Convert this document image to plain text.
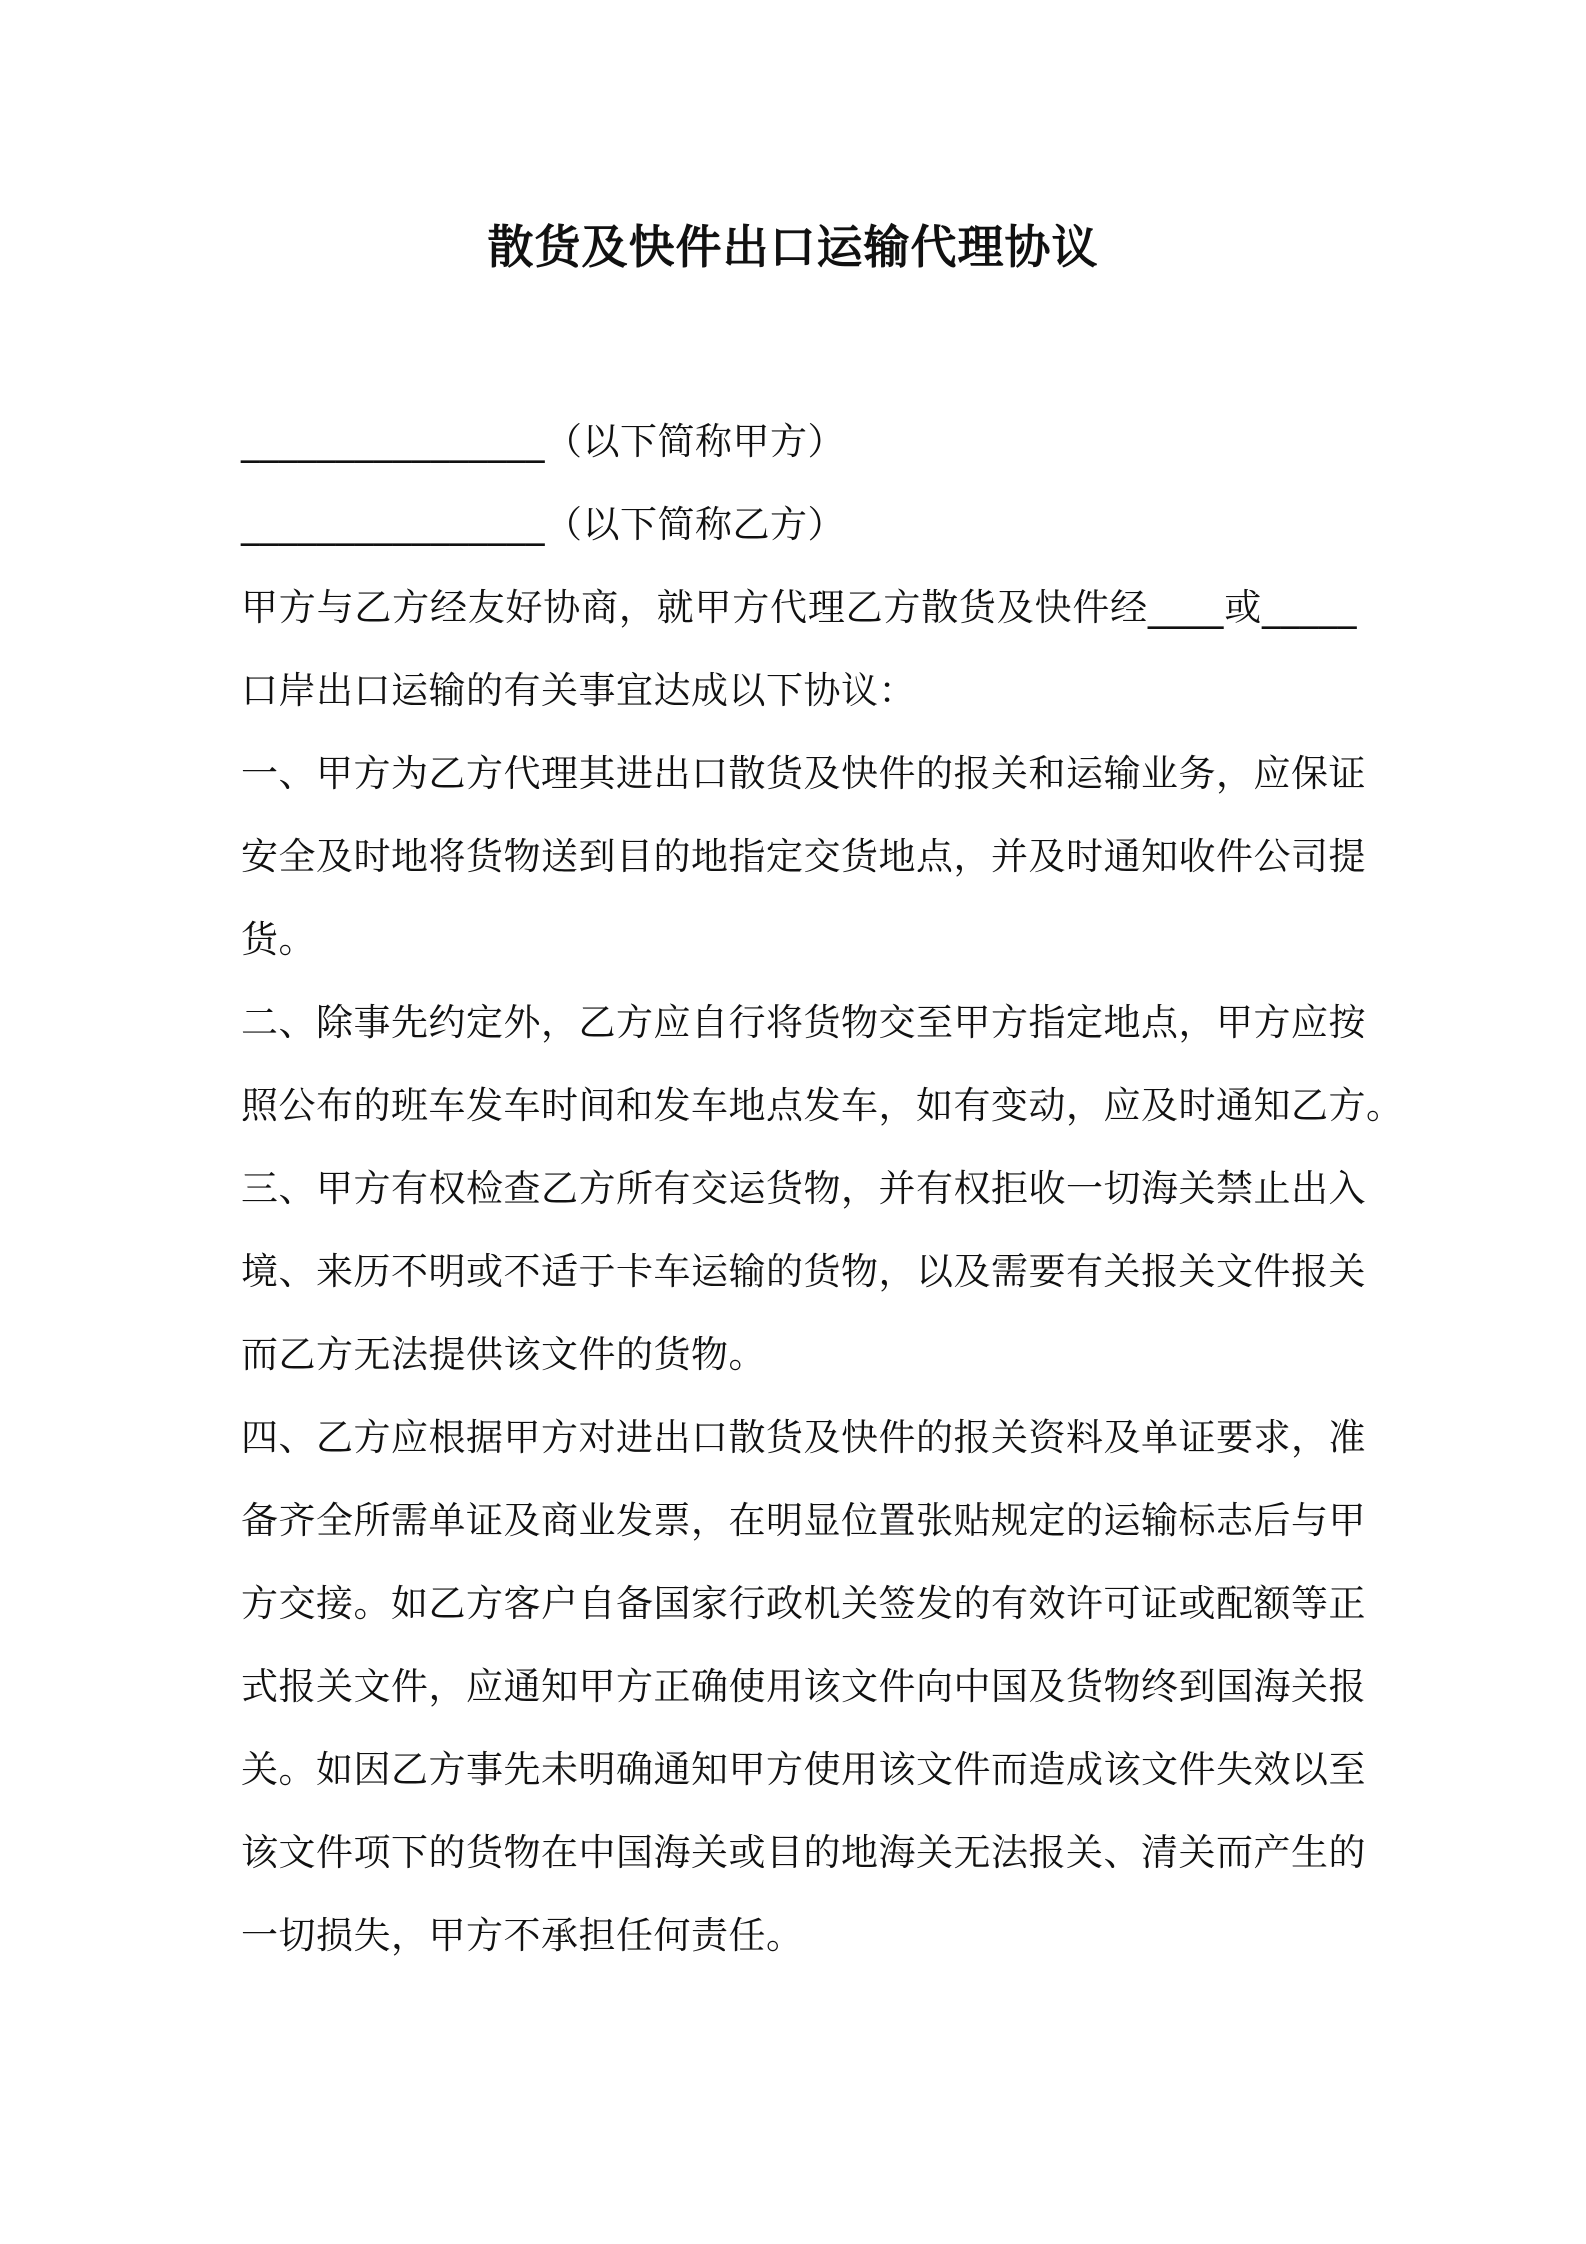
散货及快件出口运输代理协议
________________（以下简称甲方）
________________（以下简称乙方）
甲方与乙方经友好协商，就甲方代理乙方散货及快件经____或_____
口岸出口运输的有关事宜达成以下协议：
一、甲方为乙方代理其进出口散货及快件的报关和运输业务，应保证
安全及时地将货物送到目的地指定交货地点，并及时通知收件公司提
货。
二、除事先约定外，乙方应自行将货物交至甲方指定地点，甲方应按
照公布的班车发车时间和发车地点发车，如有变动，应及时通知乙方。
三、甲方有权检查乙方所有交运货物，并有权拒收一切海关禁止出入
境、来历不明或不适于卡车运输的货物，以及需要有关报关文件报关
而乙方无法提供该文件的货物。
四、乙方应根据甲方对进出口散货及快件的报关资料及单证要求，准
备齐全所需单证及商业发票，在明显位置张贴规定的运输标志后与甲
方交接。如乙方客户自备国家行政机关签发的有效许可证或配额等正
式报关文件，应通知甲方正确使用该文件向中国及货物终到国海关报
关。如因乙方事先未明确通知甲方使用该文件而造成该文件失效以至
该文件项下的货物在中国海关或目的地海关无法报关、清关而产生的
一切损失，甲方不承担任何责任。
